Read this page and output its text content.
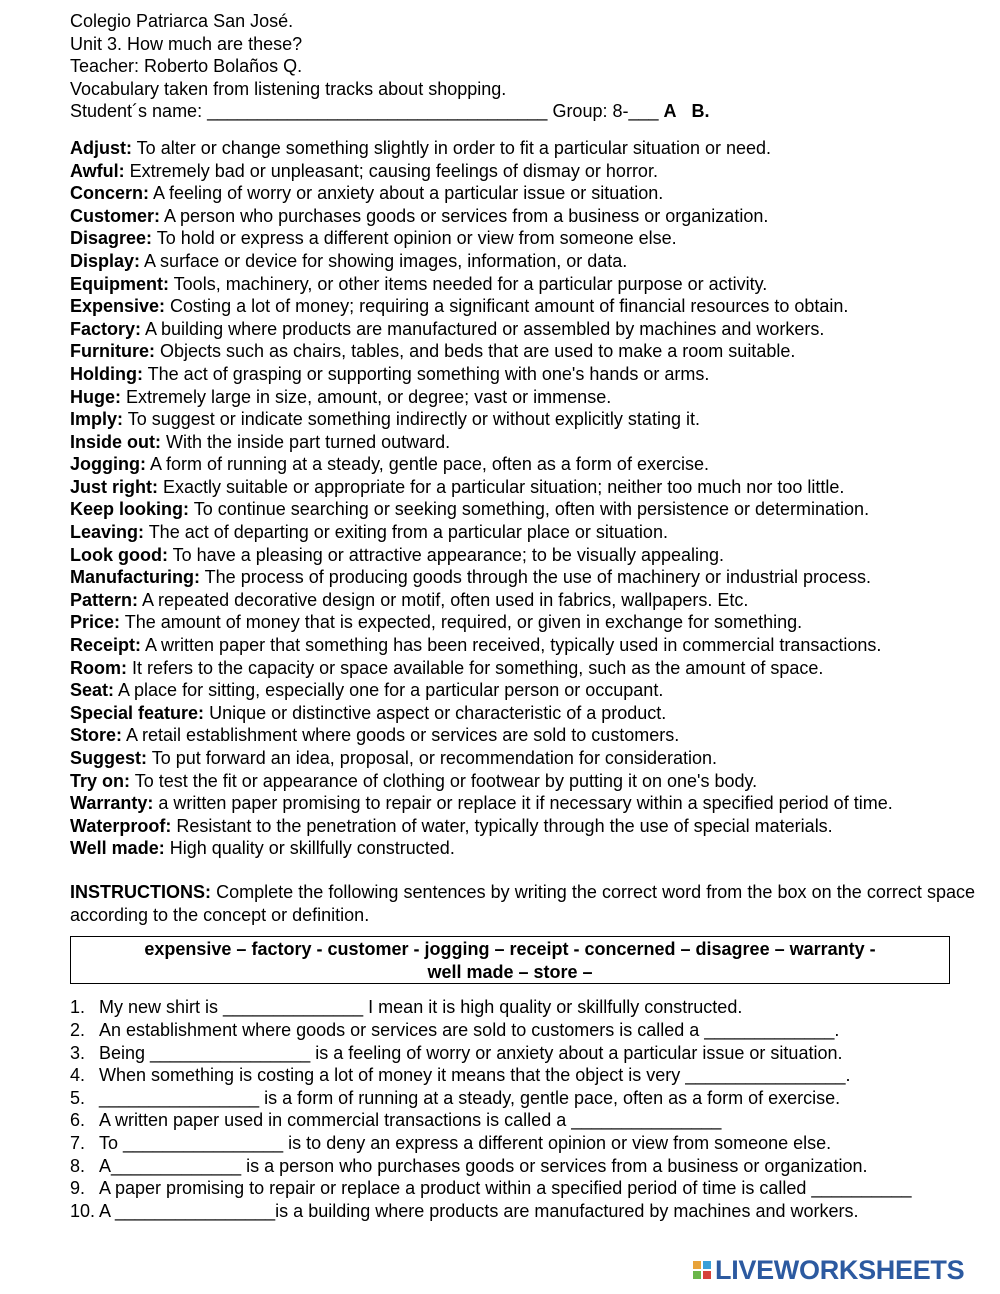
Colegio Patriarca San José.
Unit 3. How much are these?
Teacher: Roberto Bolaños Q.
Vocabulary taken from listening tracks about shopping.
Student´s name: __________________________________ Group: 8-___ A B.
Adjust: To alter or change something slightly in order to fit a particular situation or need.
Awful: Extremely bad or unpleasant; causing feelings of dismay or horror.
Concern: A feeling of worry or anxiety about a particular issue or situation.
Customer: A person who purchases goods or services from a business or organization.
Disagree: To hold or express a different opinion or view from someone else.
Display: A surface or device for showing images, information, or data.
Equipment: Tools, machinery, or other items needed for a particular purpose or activity.
Expensive: Costing a lot of money; requiring a significant amount of financial resources to obtain.
Factory: A building where products are manufactured or assembled by machines and workers.
Furniture: Objects such as chairs, tables, and beds that are used to make a room suitable.
Holding: The act of grasping or supporting something with one's hands or arms.
Huge: Extremely large in size, amount, or degree; vast or immense.
Imply: To suggest or indicate something indirectly or without explicitly stating it.
Inside out: With the inside part turned outward.
Jogging: A form of running at a steady, gentle pace, often as a form of exercise.
Just right: Exactly suitable or appropriate for a particular situation; neither too much nor too little.
Keep looking: To continue searching or seeking something, often with persistence or determination.
Leaving: The act of departing or exiting from a particular place or situation.
Look good: To have a pleasing or attractive appearance; to be visually appealing.
Manufacturing: The process of producing goods through the use of machinery or industrial process.
Pattern: A repeated decorative design or motif, often used in fabrics, wallpapers. Etc.
Price: The amount of money that is expected, required, or given in exchange for something.
Receipt: A written paper that something has been received, typically used in commercial transactions.
Room: It refers to the capacity or space available for something, such as the amount of space.
Seat: A place for sitting, especially one for a particular person or occupant.
Special feature: Unique or distinctive aspect or characteristic of a product.
Store: A retail establishment where goods or services are sold to customers.
Suggest: To put forward an idea, proposal, or recommendation for consideration.
Try on: To test the fit or appearance of clothing or footwear by putting it on one's body.
Warranty: a written paper promising to repair or replace it if necessary within a specified period of time.
Waterproof: Resistant to the penetration of water, typically through the use of special materials.
Well made: High quality or skillfully constructed.
INSTRUCTIONS: Complete the following sentences by writing the correct word from the box on the correct space according to the concept or definition.
expensive – factory - customer - jogging – receipt - concerned – disagree – warranty -
well made – store –
1. My new shirt is ______________ I mean it is high quality or skillfully constructed.
2. An establishment where goods or services are sold to customers is called a _____________.
3. Being ________________ is a feeling of worry or anxiety about a particular issue or situation.
4. When something is costing a lot of money it means that the object is very ________________.
5. ________________ is a form of running at a steady, gentle pace, often as a form of exercise.
6. A written paper used in commercial transactions is called a _______________
7. To ________________ is to deny an express a different opinion or view from someone else.
8. A_____________ is a person who purchases goods or services from a business or organization.
9. A paper promising to repair or replace a product within a specified period of time is called __________
10. A ________________is a building where products are manufactured by machines and workers.
LIVEWORKSHEETS
